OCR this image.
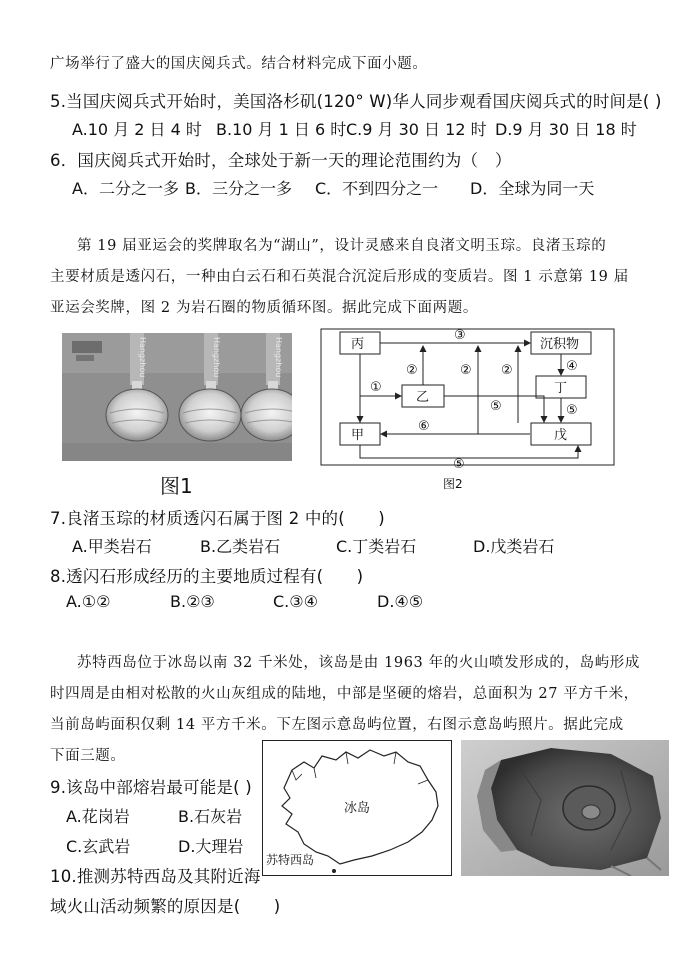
广场举行了盛大的国庆阅兵式。结合材料完成下面小题。
5.当国庆阅兵式开始时，美国洛杉矶(120° W)华人同步观看国庆阅兵式的时间是( )
A.10 月 2 日 4 时 B.10 月 1 日 6 时 C.9 月 30 日 12 时 D.9 月 30 日 18 时
6．国庆阅兵式开始时，全球处于新一天的理论范围约为（　）
A．二分之一多 B．三分之一多 C．不到四分之一 D．全球为同一天
第 19 届亚运会的奖牌取名为“湖山”，设计灵感来自良渚文明玉琮。良渚玉琮的
主要材质是透闪石，一种由白云石和石英混合沉淀后形成的变质岩。图 1 示意第 19 届
亚运会奖牌，图 2 为岩石圈的物质循环图。据此完成下面两题。
Hangzhou	Hangzhou	Hangzhou
图1
丙
乙
甲
沉积物
丁
戊
③
④
⑤
①
②	② ②
⑤
⑥
⑤
图2
7.良渚玉琮的材质透闪石属于图 2 中的(　　)
A.甲类岩石	B.乙类岩石	C.丁类岩石	D.戊类岩石
8.透闪石形成经历的主要地质过程有(　　)
A.①②	B.②③	C.③④	D.④⑤
苏特西岛位于冰岛以南 32 千米处，该岛是由 1963 年的火山喷发形成的，岛屿形成
时四周是由相对松散的火山灰组成的陆地，中部是坚硬的熔岩，总面积为 27 平方千米，
当前岛屿面积仅剩 14 平方千米。下左图示意岛屿位置，右图示意岛屿照片。据此完成
下面三题。
9.该岛中部熔岩最可能是( )
A.花岗岩	B.石灰岩
C.玄武岩	D.大理岩
10.推测苏特西岛及其附近海
域火山活动频繁的原因是(　　)
冰岛
苏特西岛
